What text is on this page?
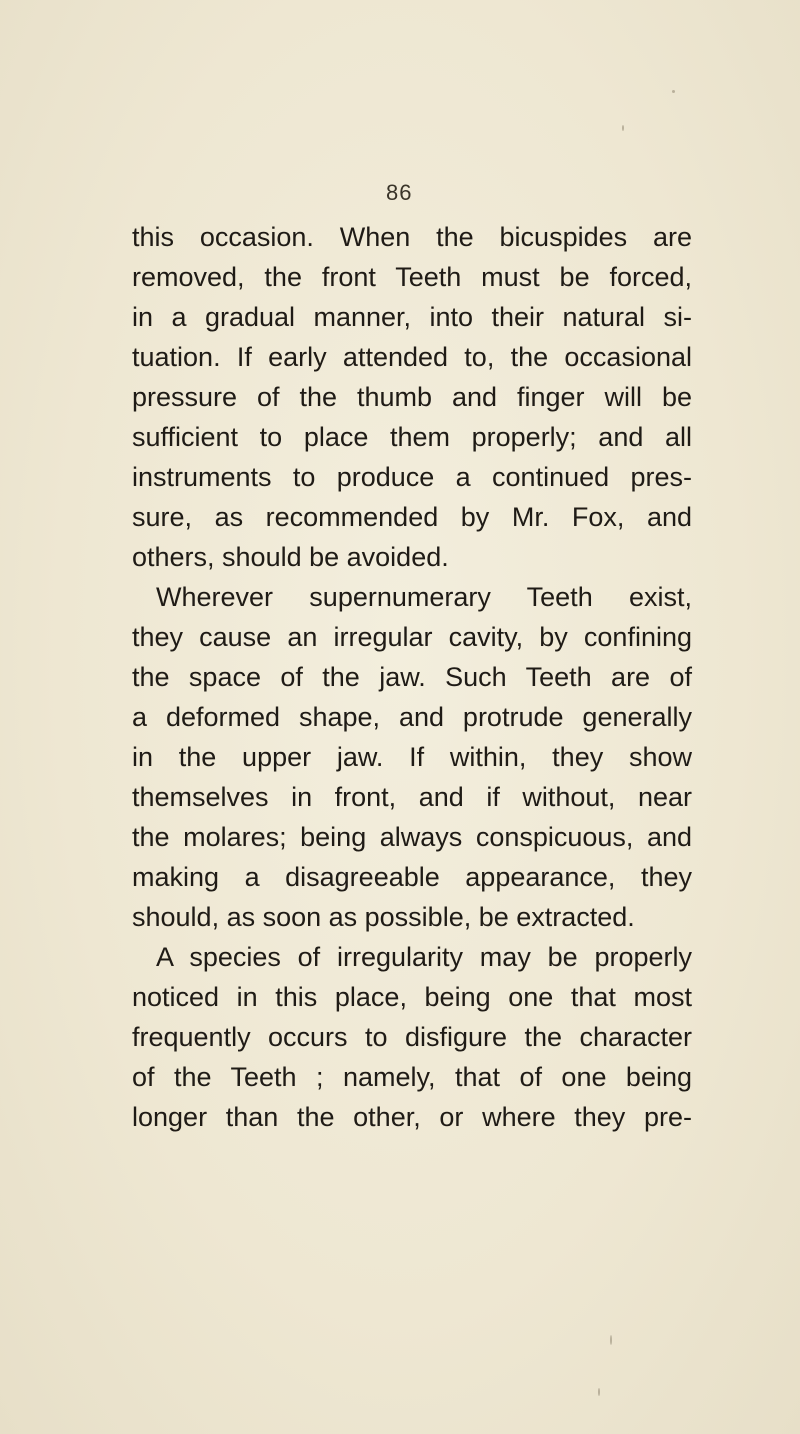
86
this occasion. When the bicuspides are
removed, the front Teeth must be forced,
in a gradual manner, into their natural si-
tuation. If early attended to, the occasional
pressure of the thumb and finger will be
sufficient to place them properly; and all
instruments to produce a continued pres-
sure, as recommended by Mr. Fox, and
others, should be avoided.
Wherever supernumerary Teeth exist,
they cause an irregular cavity, by confining
the space of the jaw. Such Teeth are of
a deformed shape, and protrude generally
in the upper jaw. If within, they show
themselves in front, and if without, near
the molares; being always conspicuous, and
making a disagreeable appearance, they
should, as soon as possible, be extracted.
A species of irregularity may be properly
noticed in this place, being one that most
frequently occurs to disfigure the character
of the Teeth ; namely, that of one being
longer than the other, or where they pre-
